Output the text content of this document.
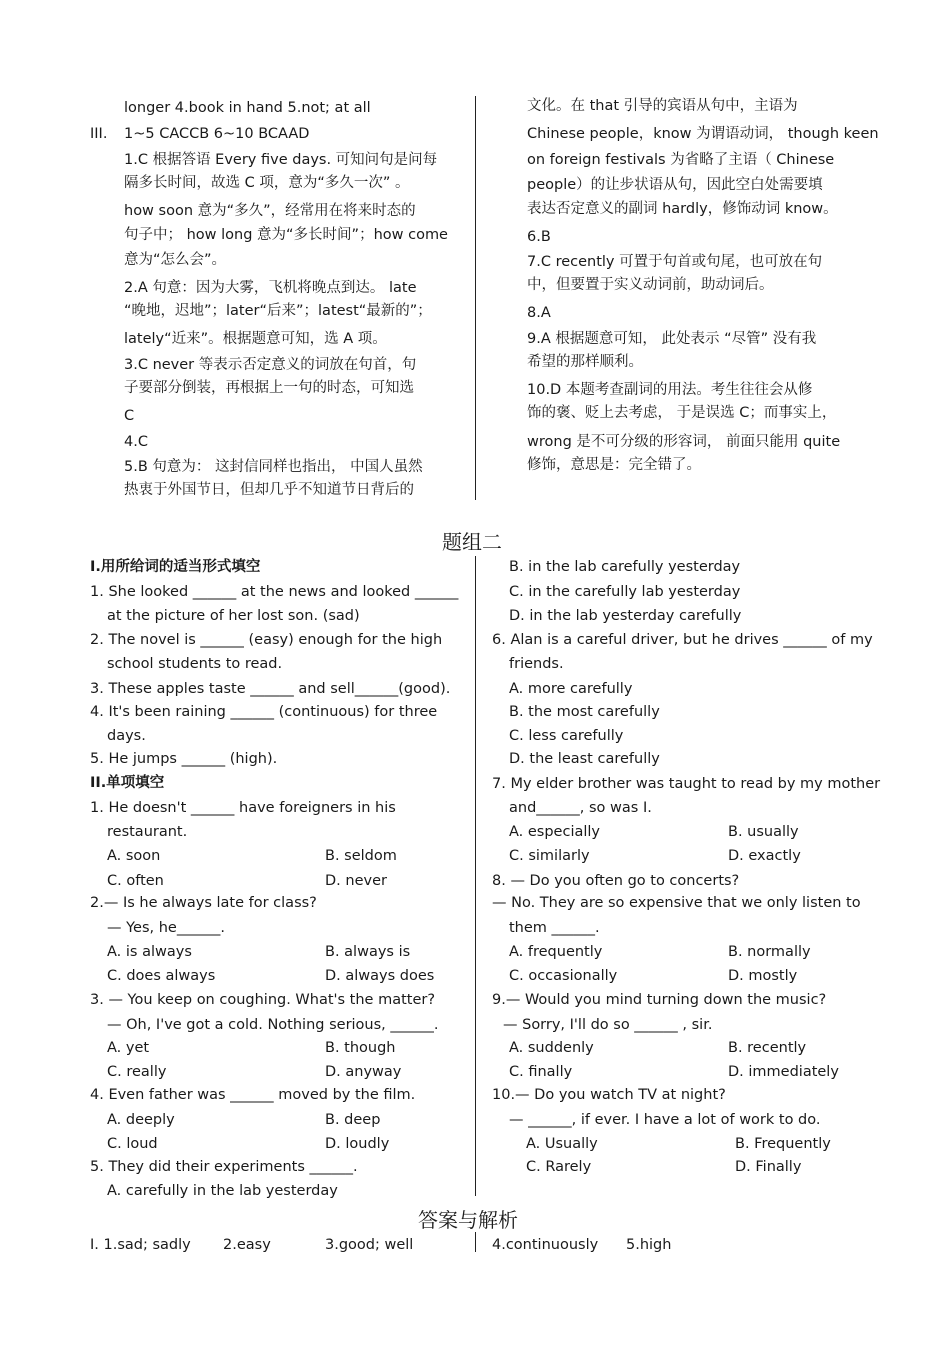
longer 4.book in hand 5.not; at all
III. 1~5 CACCB 6~10 BCAAD
1.C 根据答语 Every five days. 可知问句是问每
隔多长时间，故选 C 项，意为“多久一次” 。
how soon 意为“多久”，经常用在将来时态的
句子中； how long 意为“多长时间”；how come
意为“怎么会”。
2.A 句意：因为大雾，飞机将晚点到达。 late
“晚地，迟地”；later“后来”；latest“最新的”；
lately“近来”。根据题意可知，选 A 项。
3.C never 等表示否定意义的词放在句首，句
子要部分倒装，再根据上一句的时态，可知选
C
4.C
5.B 句意为： 这封信同样也指出， 中国人虽然
热衷于外国节日，但却几乎不知道节日背后的
文化。在 that 引导的宾语从句中，主语为
Chinese people，know 为谓语动词， though keen
on foreign festivals 为省略了主语（ Chinese
people）的让步状语从句，因此空白处需要填
表达否定意义的副词 hardly，修饰动词 know。
6.B
7.C recently 可置于句首或句尾，也可放在句
中，但要置于实义动词前，助动词后。
8.A
9.A 根据题意可知， 此处表示 “尽管” 没有我
希望的那样顺利。
10.D 本题考查副词的用法。考生往往会从修
饰的褒、贬上去考虑， 于是误选 C；而事实上，
wrong 是不可分级的形容词， 前面只能用 quite
修饰，意思是：完全错了。
题组二
I.用所给词的适当形式填空
1. She looked ______ at the news and looked ______
at the picture of her lost son. (sad)
2. The novel is ______ (easy) enough for the high
school students to read.
3. These apples taste ______ and sell______(good).
4. It's been raining ______ (continuous) for three
days.
5. He jumps ______ (high).
II.单项填空
1. He doesn't ______ have foreigners in his
restaurant.
A. soon	B. seldom
C. often	D. never
2.— Is he always late for class?
— Yes, he______.
A. is always	B. always is
C. does always	D. always does
3. — You keep on coughing. What's the matter?
— Oh, I've got a cold. Nothing serious, ______.
A. yet	B. though
C. really	D. anyway
4. Even father was ______ moved by the film.
A. deeply	B. deep
C. loud	D. loudly
5. They did their experiments ______.
A. carefully in the lab yesterday
B. in the lab carefully yesterday
C. in the carefully lab yesterday
D. in the lab yesterday carefully
6. Alan is a careful driver, but he drives ______ of my
friends.
A. more carefully
B. the most carefully
C. less carefully
D. the least carefully
7. My elder brother was taught to read by my mother
and______, so was I.
A. especially	B. usually
C. similarly	D. exactly
8. — Do you often go to concerts?
— No. They are so expensive that we only listen to
them ______.
A. frequently	B. normally
C. occasionally	D. mostly
9.— Would you mind turning down the music?
— Sorry, I'll do so ______ , sir.
A. suddenly	B. recently
C. finally	D. immediately
10.— Do you watch TV at night?
— ______, if ever. I have a lot of work to do.
A. Usually	B. Frequently
C. Rarely	D. Finally
答案与解析
I. 1.sad; sadly 2.easy	3.good; well	4.continuously 5.high
